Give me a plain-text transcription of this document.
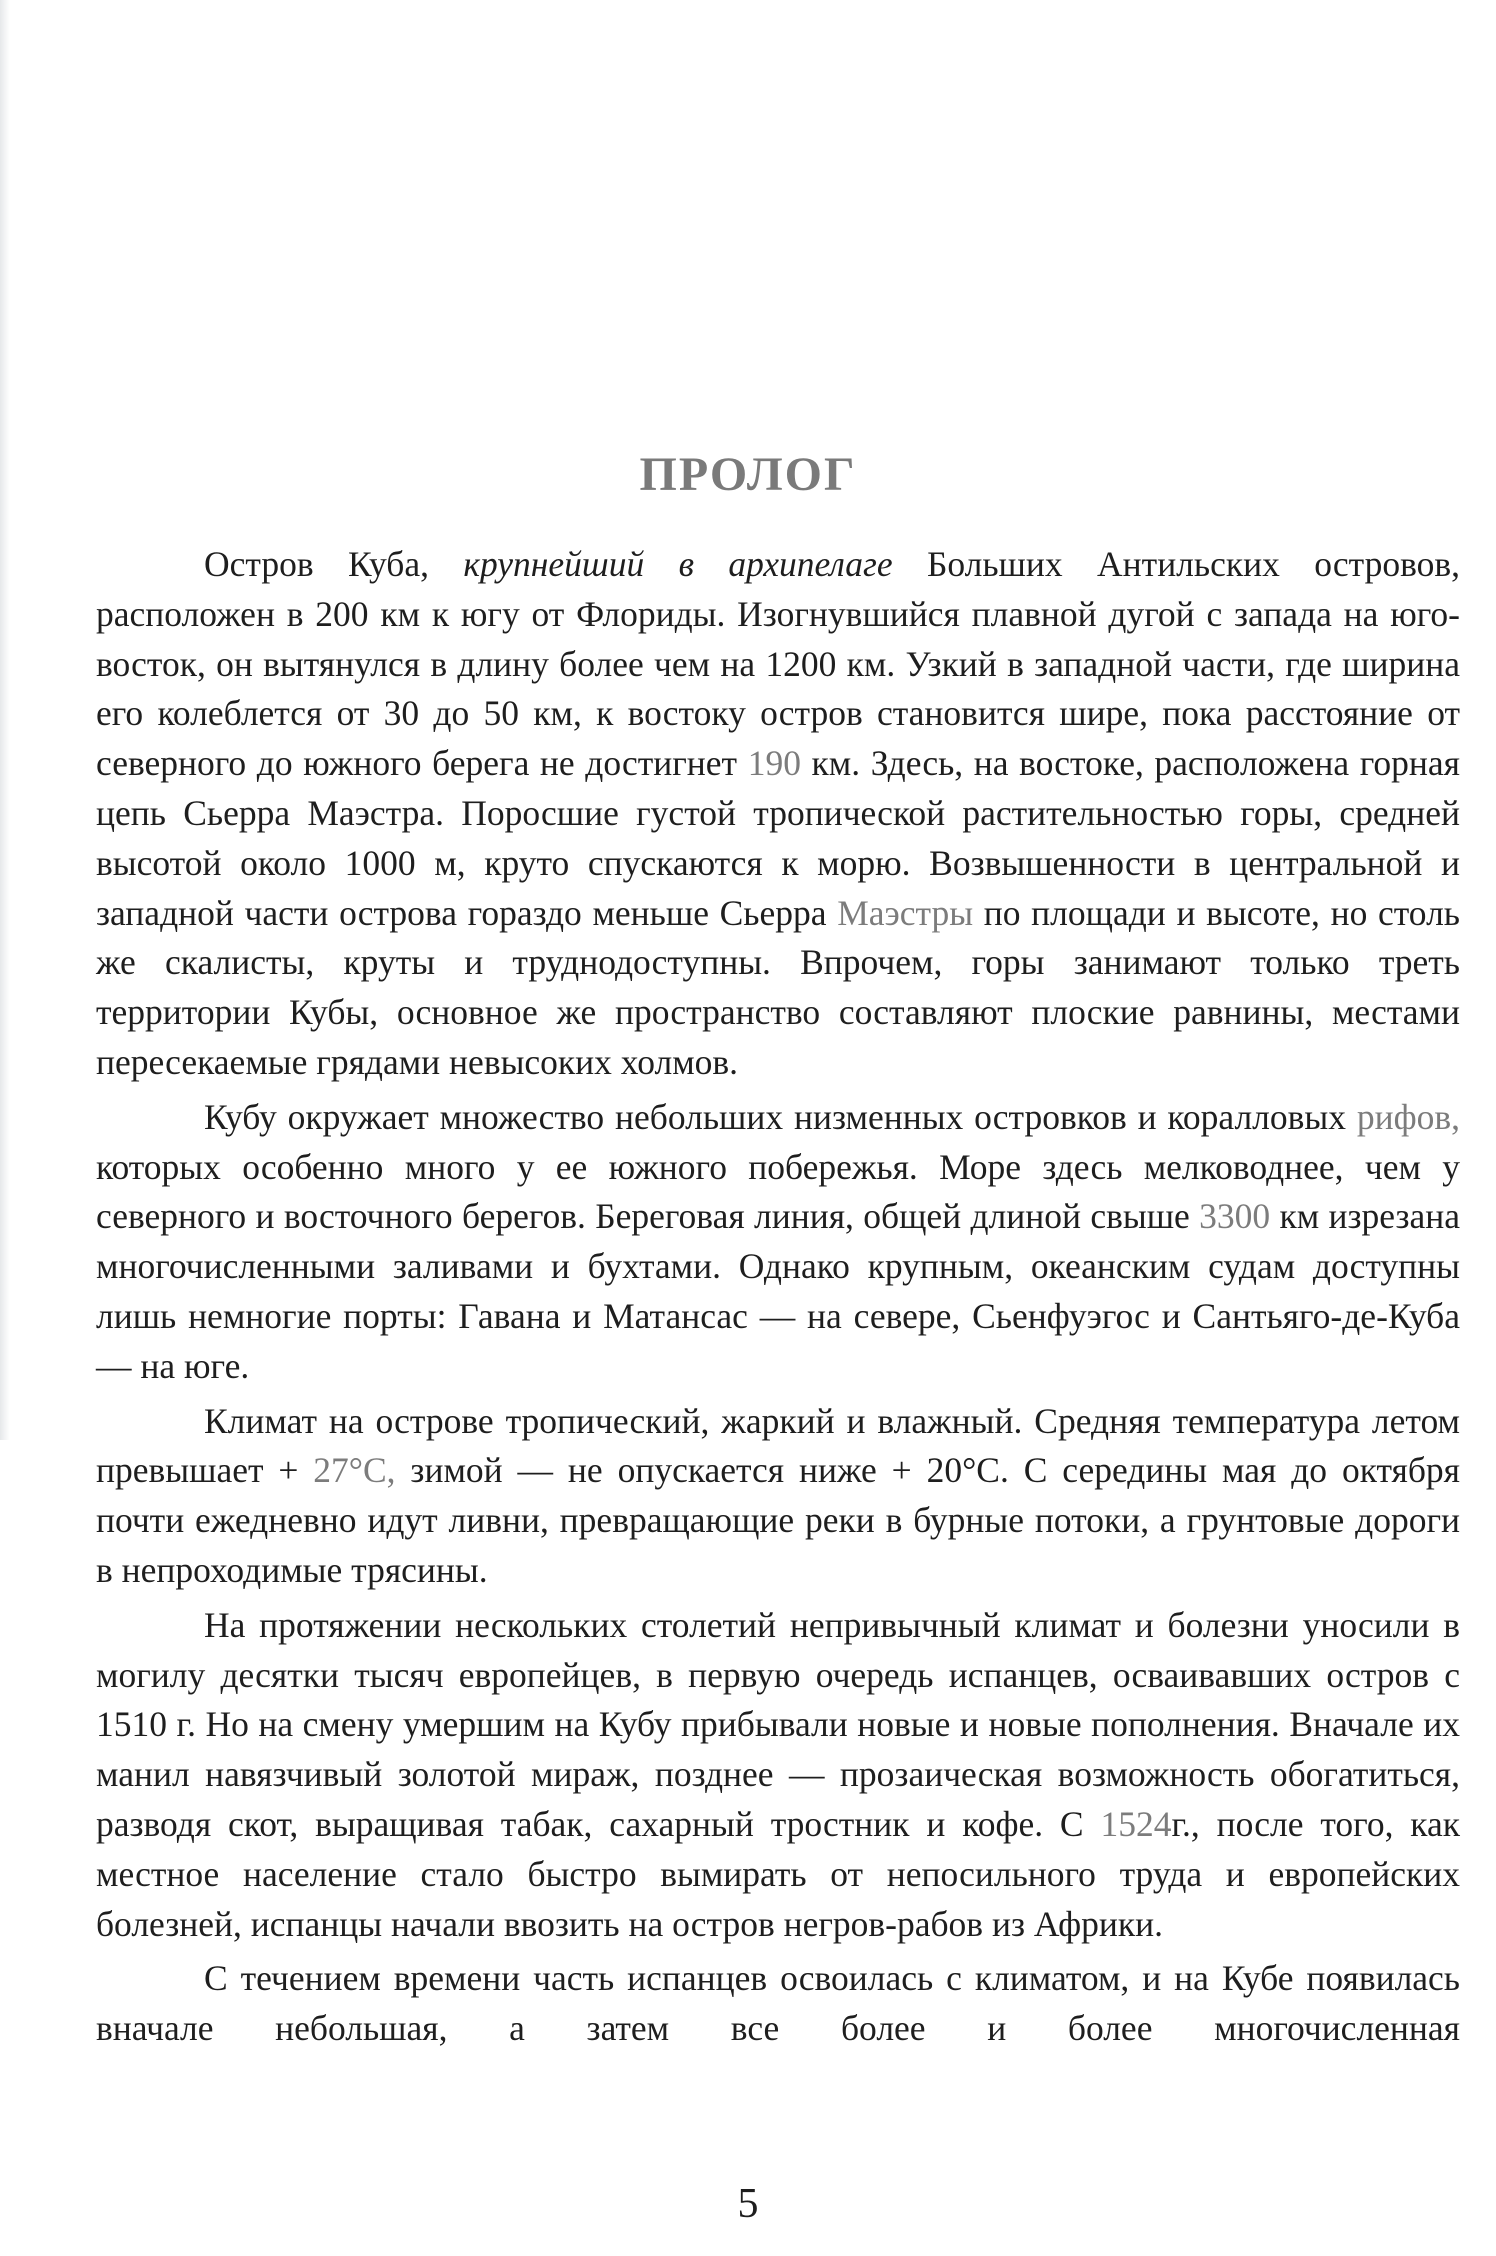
ПРОЛОГ

Остров Куба, крупнейший в архипелаге Больших Антильских островов, расположен в 200 км к югу от Флориды. Изогнувшийся плавной дугой с запада на юго-восток, он вытянулся в длину более чем на 1200 км. Узкий в западной части, где ширина его колеблется от 30 до 50 км, к востоку остров становится шире, пока расстояние от северного до южного берега не достигнет 190 км. Здесь, на востоке, расположена горная цепь Сьерра Маэстра. Поросшие густой тропической растительностью горы, средней высотой около 1000 м, круто спускаются к морю. Возвышенности в центральной и западной части острова гораздо меньше Сьерра Маэстры по площади и высоте, но столь же скалисты, круты и труднодоступны. Впрочем, горы занимают только треть территории Кубы, основное же пространство составляют плоские равнины, местами пересекаемые грядами невысоких холмов.

Кубу окружает множество небольших низменных островков и коралловых рифов, которых особенно много у ее южного побережья. Море здесь мелководнее, чем у северного и восточного берегов. Береговая линия, общей длиной свыше 3300 км изрезана многочисленными заливами и бухтами. Однако крупным, океанским судам доступны лишь немногие порты: Гавана и Матансас — на севере, Сьенфуэгос и Сантьяго-де-Куба — на юге.

Климат на острове тропический, жаркий и влажный. Средняя температура летом превышает + 27°С, зимой — не опускается ниже + 20°С. С середины мая до октября почти ежедневно идут ливни, превращающие реки в бурные потоки, а грунтовые дороги в непроходимые трясины.

На протяжении нескольких столетий непривычный климат и болезни уносили в могилу десятки тысяч европейцев, в первую очередь испанцев, осваивавших остров с 1510 г. Но на смену умершим на Кубу прибывали новые и новые пополнения. Вначале их манил навязчивый золотой мираж, позднее — прозаическая возможность обогатиться, разводя скот, выращивая табак, сахарный тростник и кофе. С 1524г., после того, как местное население стало быстро вымирать от непосильного труда и европейских болезней, испанцы начали ввозить на остров негров-рабов из Африки.

С течением времени часть испанцев освоилась с климатом, и на Кубе появилась вначале небольшая, а затем все более и более многочисленная

5
